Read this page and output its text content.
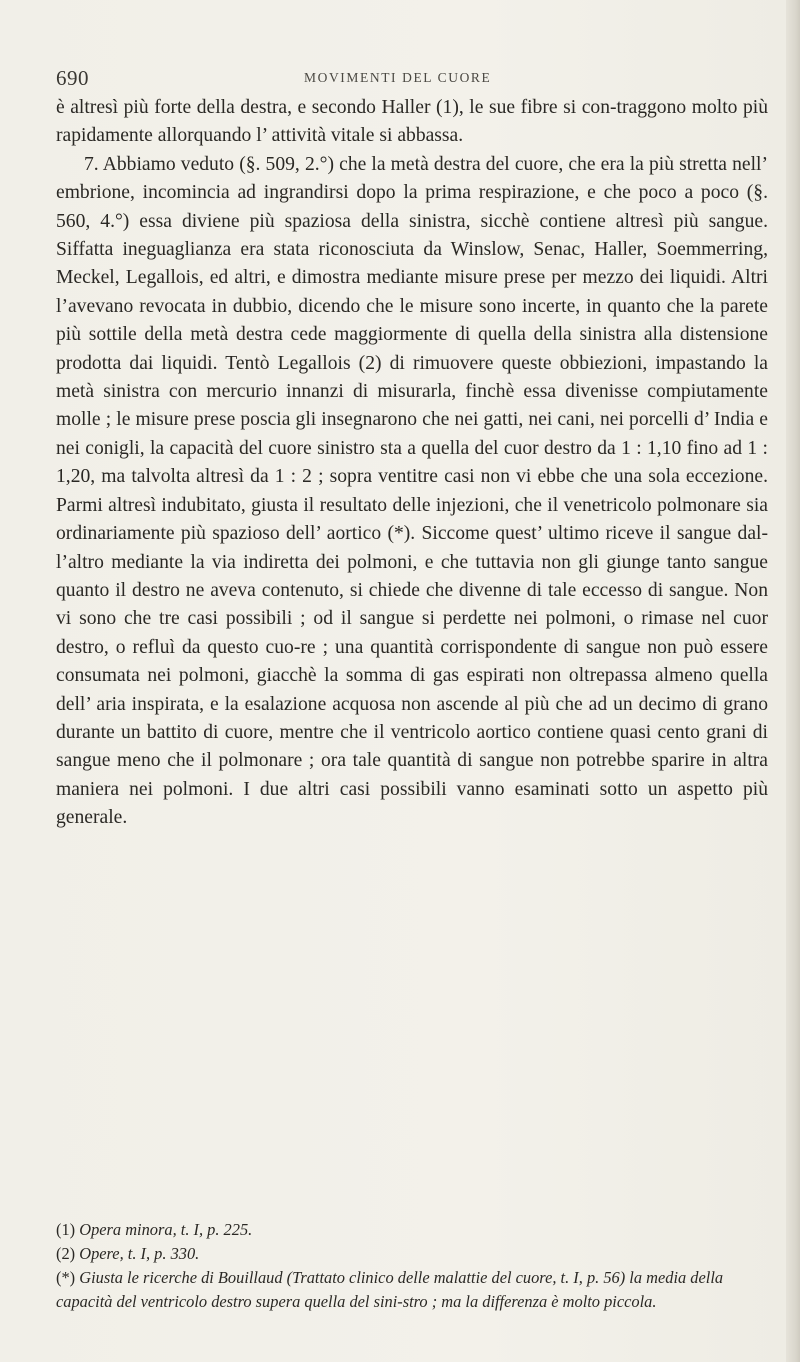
690	MOVIMENTI DEL CUORE

è altresì più forte della destra, e secondo Haller (1), le sue fibre si con-traggono molto più rapidamente allorquando l’ attività vitale si abbassa.

7. Abbiamo veduto (§. 509, 2.°) che la metà destra del cuore, che era la più stretta nell’ embrione, incomincia ad ingrandirsi dopo la prima respirazione, e che poco a poco (§. 560, 4.°) essa diviene più spaziosa della sinistra, sicchè contiene altresì più sangue. Siffatta ineguaglianza era stata riconosciuta da Winslow, Senac, Haller, Soemmerring, Meckel, Legallois, ed altri, e dimostra mediante misure prese per mezzo dei liquidi. Altri l’avevano revocata in dubbio, dicendo che le misure sono incerte, in quanto che la parete più sottile della metà destra cede maggiormente di quella della sinistra alla distensione prodotta dai liquidi. Tentò Legallois (2) di rimuovere queste obbiezioni, impastando la metà sinistra con mercurio innanzi di misurarla, finchè essa divenisse compiutamente molle ; le misure prese poscia gli insegnarono che nei gatti, nei cani, nei porcelli d’ India e nei conigli, la capacità del cuore sinistro sta a quella del cuor destro da 1 : 1,10 fino ad 1 : 1,20, ma talvolta altresì da 1 : 2 ; sopra ventitre casi non vi ebbe che una sola eccezione. Parmi altresì indubitato, giusta il resultato delle injezioni, che il venetricolo polmonare sia ordinariamente più spazioso dell’ aortico (*). Siccome quest’ ultimo riceve il sangue dal-l’altro mediante la via indiretta dei polmoni, e che tuttavia non gli giunge tanto sangue quanto il destro ne aveva contenuto, si chiede che divenne di tale eccesso di sangue. Non vi sono che tre casi possibili ; od il sangue si perdette nei polmoni, o rimase nel cuor destro, o refluì da questo cuo-re ; una quantità corrispondente di sangue non può essere consumata nei polmoni, giacchè la somma di gas espirati non oltrepassa almeno quella dell’ aria inspirata, e la esalazione acquosa non ascende al più che ad un decimo di grano durante un battito di cuore, mentre che il ventricolo aortico contiene quasi cento grani di sangue meno che il polmonare ; ora tale quantità di sangue non potrebbe sparire in altra maniera nei polmoni. I due altri casi possibili vanno esaminati sotto un aspetto più generale.

(1) Opera minora, t. I, p. 225.

(2) Opere, t. I, p. 330.

(*) Giusta le ricerche di Bouillaud (Trattato clinico delle malattie del cuore, t. I, p. 56) la media della capacità del ventricolo destro supera quella del sini-stro ; ma la differenza è molto piccola.
